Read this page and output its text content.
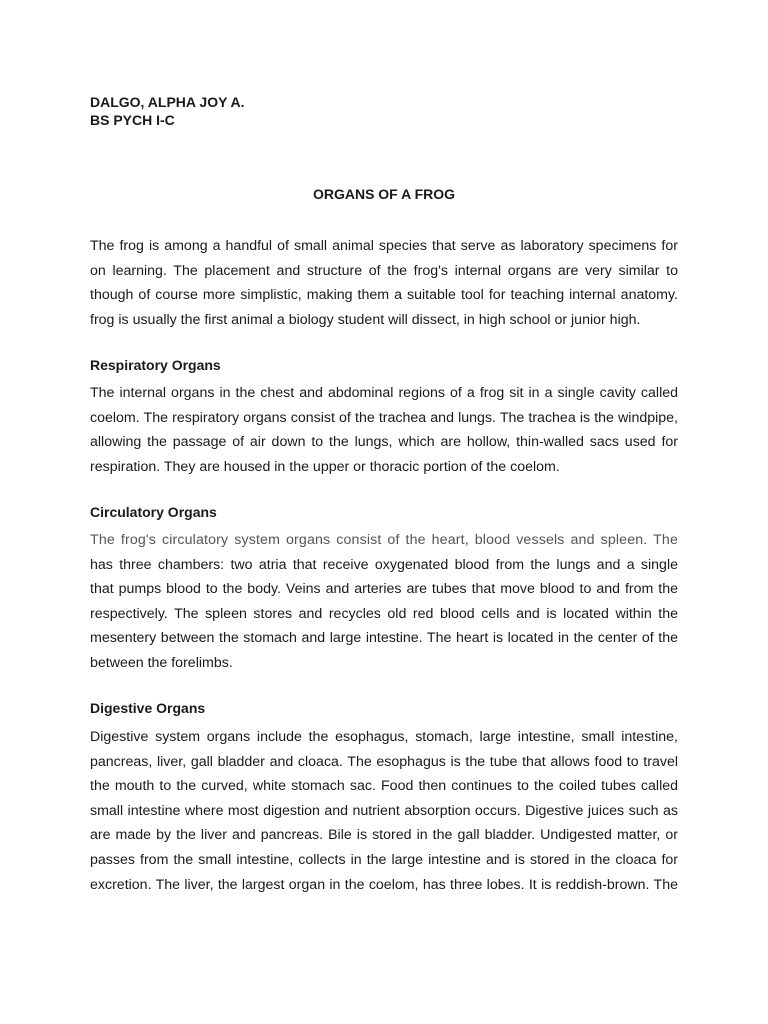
DALGO, ALPHA JOY A.
BS PYCH I-C
ORGANS OF A FROG
The frog is among a handful of small animal species that serve as laboratory specimens for
on learning. The placement and structure of the frog's internal organs are very similar to
though of course more simplistic, making them a suitable tool for teaching internal anatomy.
frog is usually the first animal a biology student will dissect, in high school or junior high.
Respiratory Organs
The internal organs in the chest and abdominal regions of a frog sit in a single cavity called
coelom. The respiratory organs consist of the trachea and lungs. The trachea is the windpipe,
allowing the passage of air down to the lungs, which are hollow, thin-walled sacs used for
respiration. They are housed in the upper or thoracic portion of the coelom.
Circulatory Organs
The frog's circulatory system organs consist of the heart, blood vessels and spleen. The
has three chambers: two atria that receive oxygenated blood from the lungs and a single
that pumps blood to the body. Veins and arteries are tubes that move blood to and from the
respectively. The spleen stores and recycles old red blood cells and is located within the
mesentery between the stomach and large intestine. The heart is located in the center of the
between the forelimbs.
Digestive Organs
Digestive system organs include the esophagus, stomach, large intestine, small intestine,
pancreas, liver, gall bladder and cloaca. The esophagus is the tube that allows food to travel
the mouth to the curved, white stomach sac. Food then continues to the coiled tubes called
small intestine where most digestion and nutrient absorption occurs. Digestive juices such as
are made by the liver and pancreas. Bile is stored in the gall bladder. Undigested matter, or
passes from the small intestine, collects in the large intestine and is stored in the cloaca for
excretion. The liver, the largest organ in the coelom, has three lobes. It is reddish-brown. The
